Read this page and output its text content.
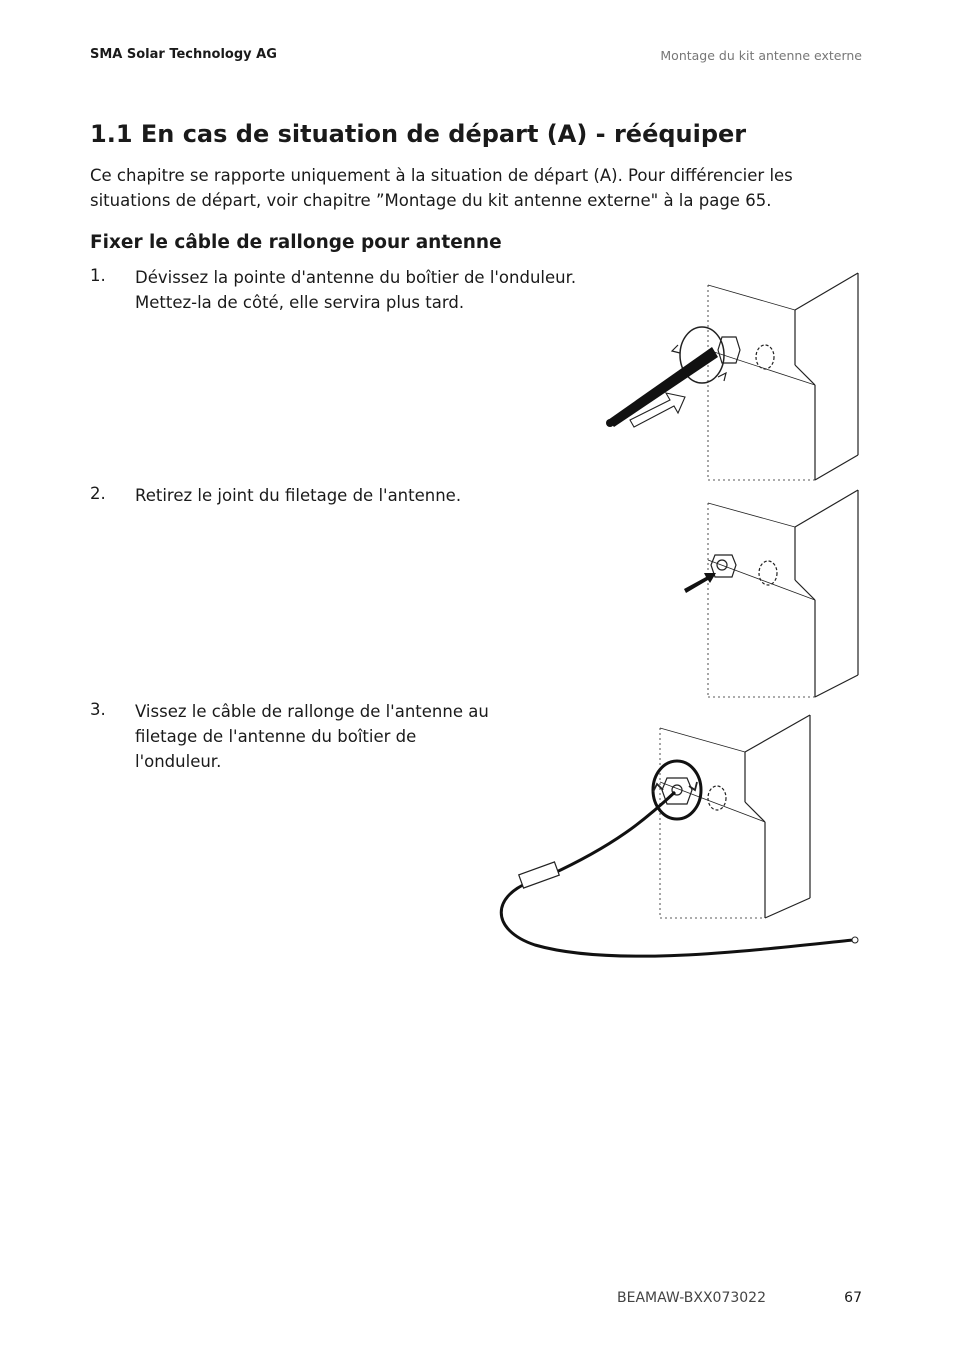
SMA Solar Technology AG	Montage du kit antenne externe
1.1 En cas de situation de départ (A) - rééquiper

Ce chapitre se rapporte uniquement à la situation de départ (A). Pour différencier les situations de départ, voir chapitre ”Montage du kit antenne externe" à la page 65.

Fixer le câble de rallonge pour antenne
1. Dévissez la pointe d'antenne du boîtier de l'onduleur.

Mettez-la de côté, elle servira plus tard.

2. Retirez le joint du filetage de l'antenne.

3. Vissez le câble de rallonge de l'antenne au

filetage de l'antenne du boîtier de

l'onduleur.

BEAMAW-BXX073022	67
